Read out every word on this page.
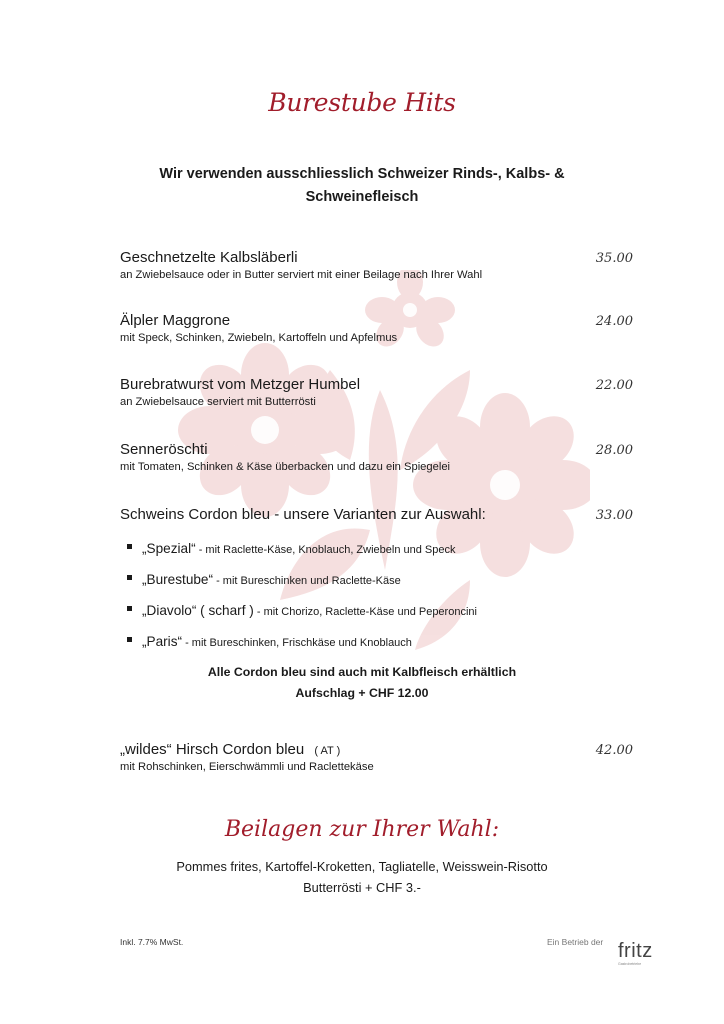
Burestube Hits
Wir verwenden ausschliesslich Schweizer Rinds-, Kalbs- & Schweinefleisch
Geschnetzelte Kalbsläberli
an Zwiebelsauce oder in Butter serviert mit einer Beilage nach Ihrer Wahl
35.00
Älpler Maggrone
mit Speck, Schinken, Zwiebeln, Kartoffeln und Apfelmus
24.00
Burebratwurst vom Metzger Humbel
an Zwiebelsauce serviert mit Butterrösti
22.00
Senneröschti
mit Tomaten, Schinken & Käse überbacken und dazu ein Spiegelei
28.00
Schweins Cordon bleu - unsere Varianten zur Auswahl:	33.00
„Spezial“ - mit Raclette-Käse, Knoblauch, Zwiebeln und Speck
„Burestube“ - mit Bureschinken und Raclette-Käse
„Diavolo“ ( scharf ) - mit Chorizo, Raclette-Käse und Peperoncini
„Paris“ - mit Bureschinken, Frischkäse und Knoblauch
Alle Cordon bleu sind auch mit Kalbfleisch erhältlich
Aufschlag + CHF 12.00
„wildes“ Hirsch Cordon bleu ( AT )
mit Rohschinken, Eierschwämmli und Raclettekäse
42.00
Beilagen zur Ihrer Wahl:
Pommes frites, Kartoffel-Kroketten, Tagliatelle, Weisswein-Risotto
Butterrösti + CHF 3.-
Inkl. 7.7% MwSt.	Ein Betrieb der fritz
Gastrobetriebe
